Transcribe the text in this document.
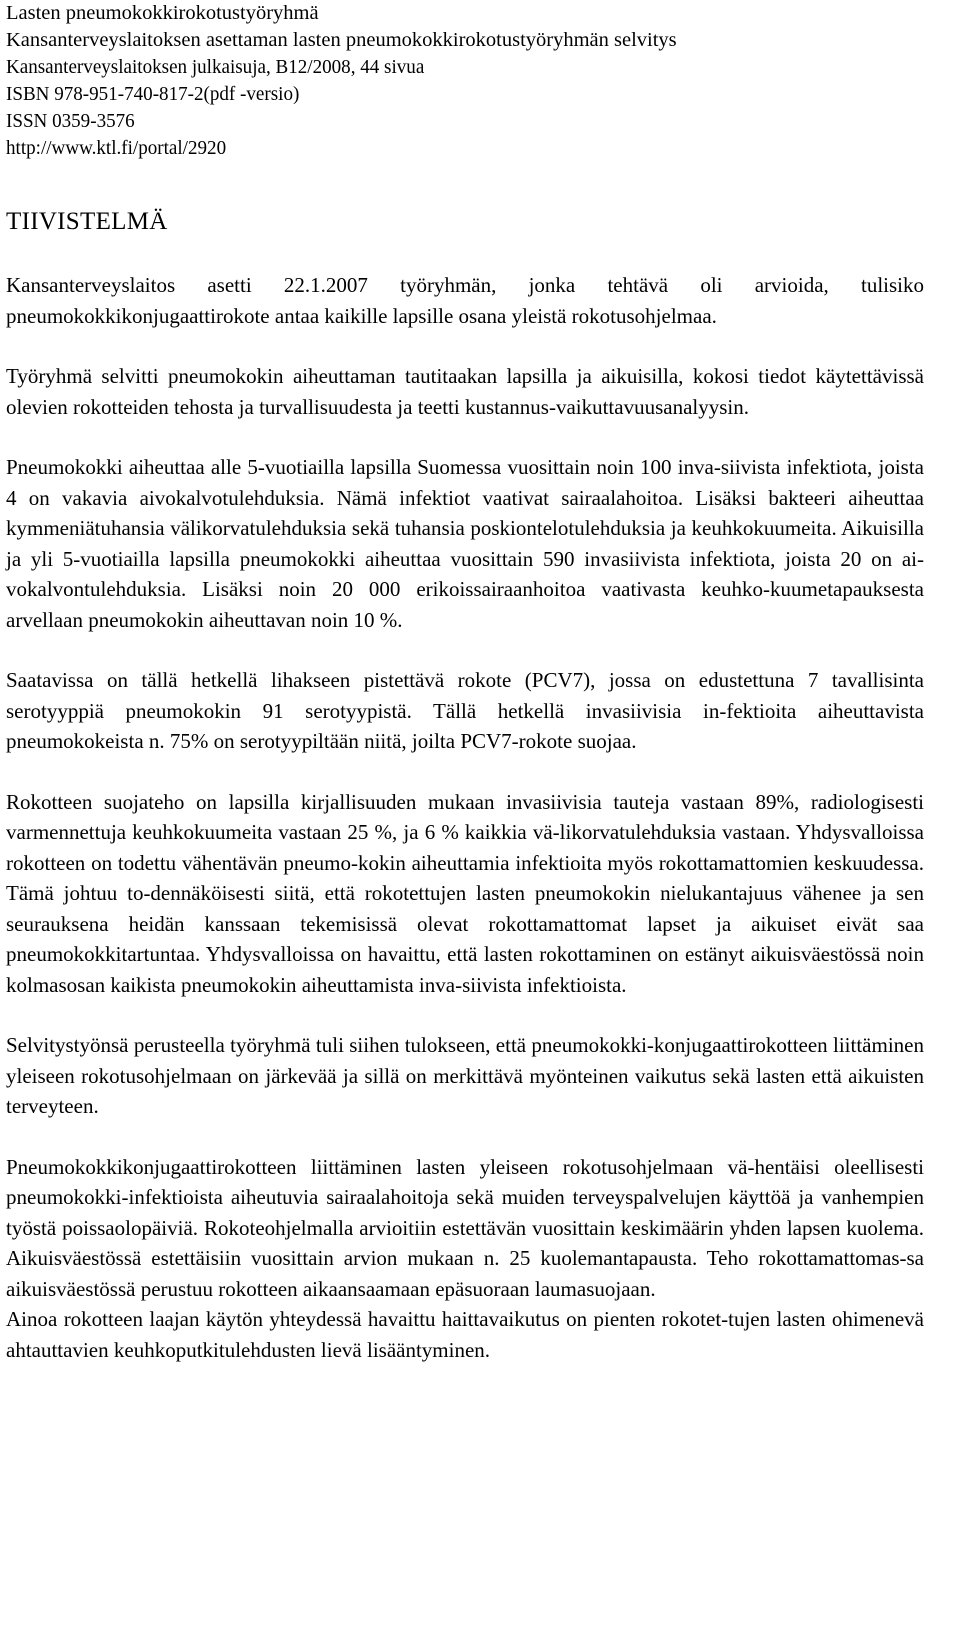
Lasten pneumokokkirokotustyöryhmä
Kansanterveyslaitoksen asettaman lasten pneumokokkirokotustyöryhmän selvitys
Kansanterveyslaitoksen julkaisuja, B12/2008, 44 sivua
ISBN 978-951-740-817-2(pdf -versio)
ISSN 0359-3576
http://www.ktl.fi/portal/2920
TIIVISTELMÄ

Kansanterveyslaitos asetti 22.1.2007 työryhmän, jonka tehtävä oli arvioida, tulisiko pneumokokkikonjugaattirokote antaa kaikille lapsille osana yleistä rokotusohjelmaa.

Työryhmä selvitti pneumokokin aiheuttaman tautitaakan lapsilla ja aikuisilla, kokosi tiedot käytettävissä olevien rokotteiden tehosta ja turvallisuudesta ja teetti kustannus-vaikuttavuusanalyysin.

Pneumokokki aiheuttaa alle 5-vuotiailla lapsilla Suomessa vuosittain noin 100 inva-siivista infektiota, joista 4 on vakavia aivokalvotulehduksia. Nämä infektiot vaativat sairaalahoitoa. Lisäksi bakteeri aiheuttaa kymmeniätuhansia välikorvatulehduksia sekä tuhansia poskiontelotulehduksia ja keuhkokuumeita. Aikuisilla ja yli 5-vuotiailla lapsilla pneumokokki aiheuttaa vuosittain 590 invasiivista infektiota, joista 20 on ai-vokalvontulehduksia. Lisäksi noin 20 000 erikoissairaanhoitoa vaativasta keuhko-kuumetapauksesta arvellaan pneumokokin aiheuttavan noin 10 %.

Saatavissa on tällä hetkellä lihakseen pistettävä rokote (PCV7), jossa on edustettuna 7 tavallisinta serotyyppiä pneumokokin 91 serotyypistä. Tällä hetkellä invasiivisia in-fektioita aiheuttavista pneumokokeista n. 75% on serotyypiltään niitä, joilta PCV7-rokote suojaa.

Rokotteen suojateho on lapsilla kirjallisuuden mukaan invasiivisia tauteja vastaan 89%, radiologisesti varmennettuja keuhkokuumeita vastaan 25 %, ja 6 % kaikkia vä-likorvatulehduksia vastaan. Yhdysvalloissa rokotteen on todettu vähentävän pneumo-kokin aiheuttamia infektioita myös rokottamattomien keskuudessa. Tämä johtuu to-dennäköisesti siitä, että rokotettujen lasten pneumokokin nielukantajuus vähenee ja sen seurauksena heidän kanssaan tekemisissä olevat rokottamattomat lapset ja aikuiset eivät saa pneumokokkitartuntaa. Yhdysvalloissa on havaittu, että lasten rokottaminen on estänyt aikuisväestössä noin kolmasosan kaikista pneumokokin aiheuttamista inva-siivista infektioista.

Selvitystyönsä perusteella työryhmä tuli siihen tulokseen, että pneumokokki-konjugaattirokotteen liittäminen yleiseen rokotusohjelmaan on järkevää ja sillä on merkittävä myönteinen vaikutus sekä lasten että aikuisten terveyteen.

Pneumokokkikonjugaattirokotteen liittäminen lasten yleiseen rokotusohjelmaan vä-hentäisi oleellisesti pneumokokki-infektioista aiheutuvia sairaalahoitoja sekä muiden terveyspalvelujen käyttöä ja vanhempien työstä poissaolopäiviä. Rokoteohjelmalla arvioitiin estettävän vuosittain keskimäärin yhden lapsen kuolema. Aikuisväestössä estettäisiin vuosittain arvion mukaan n. 25 kuolemantapausta. Teho rokottamattomas-sa aikuisväestössä perustuu rokotteen aikaansaamaan epäsuoraan laumasuojaan.

Ainoa rokotteen laajan käytön yhteydessä havaittu haittavaikutus on pienten rokotet-tujen lasten ohimenevä ahtauttavien keuhkoputkitulehdusten lievä lisääntyminen.
